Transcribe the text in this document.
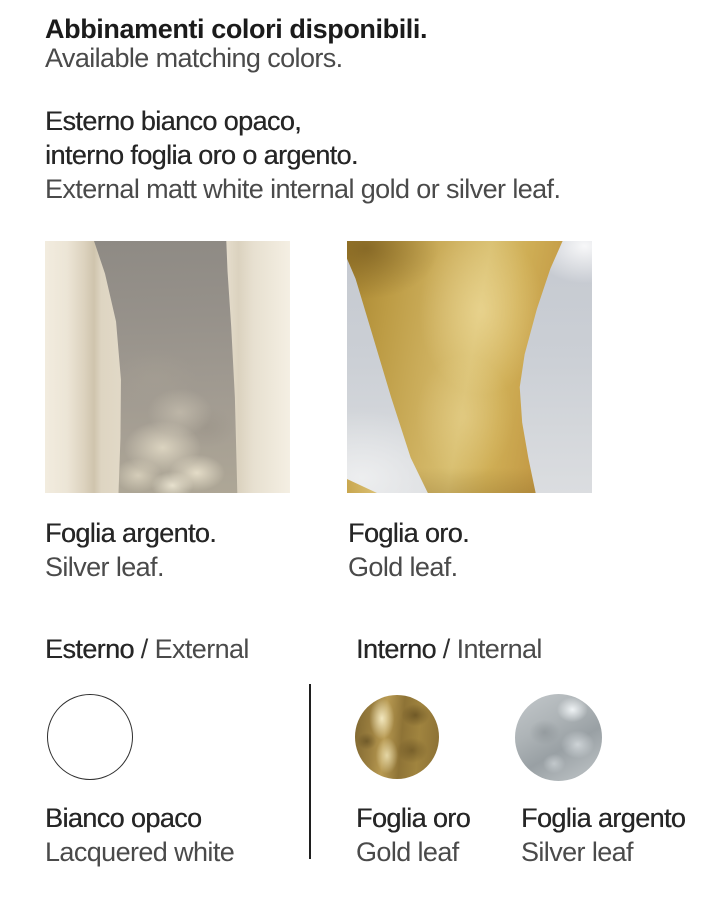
Abbinamenti colori disponibili.

Available matching colors.

Esterno bianco opaco,
interno foglia oro o argento.
External matt white internal gold or silver leaf.
Foglia argento.
Silver leaf.
Foglia oro.
Gold leaf.
Esterno / External	Interno / Internal
Bianco opaco
Lacquered white
Foglia oro
Gold leaf
Foglia argento
Silver leaf
